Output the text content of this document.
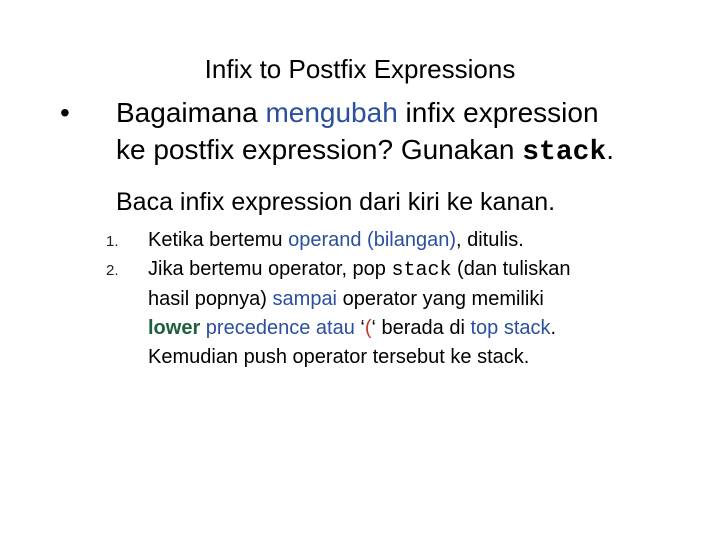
Infix to Postfix Expressions
• Bagaimana mengubah infix expression
ke postfix expression? Gunakan stack.
Baca infix expression dari kiri ke kanan.
1.	Ketika bertemu operand (bilangan), ditulis.
2.	Jika bertemu operator, pop stack (dan tuliskan
hasil popnya) sampai operator yang memiliki
lower precedence atau ‘(‘ berada di top stack.
Kemudian push operator tersebut ke stack.
